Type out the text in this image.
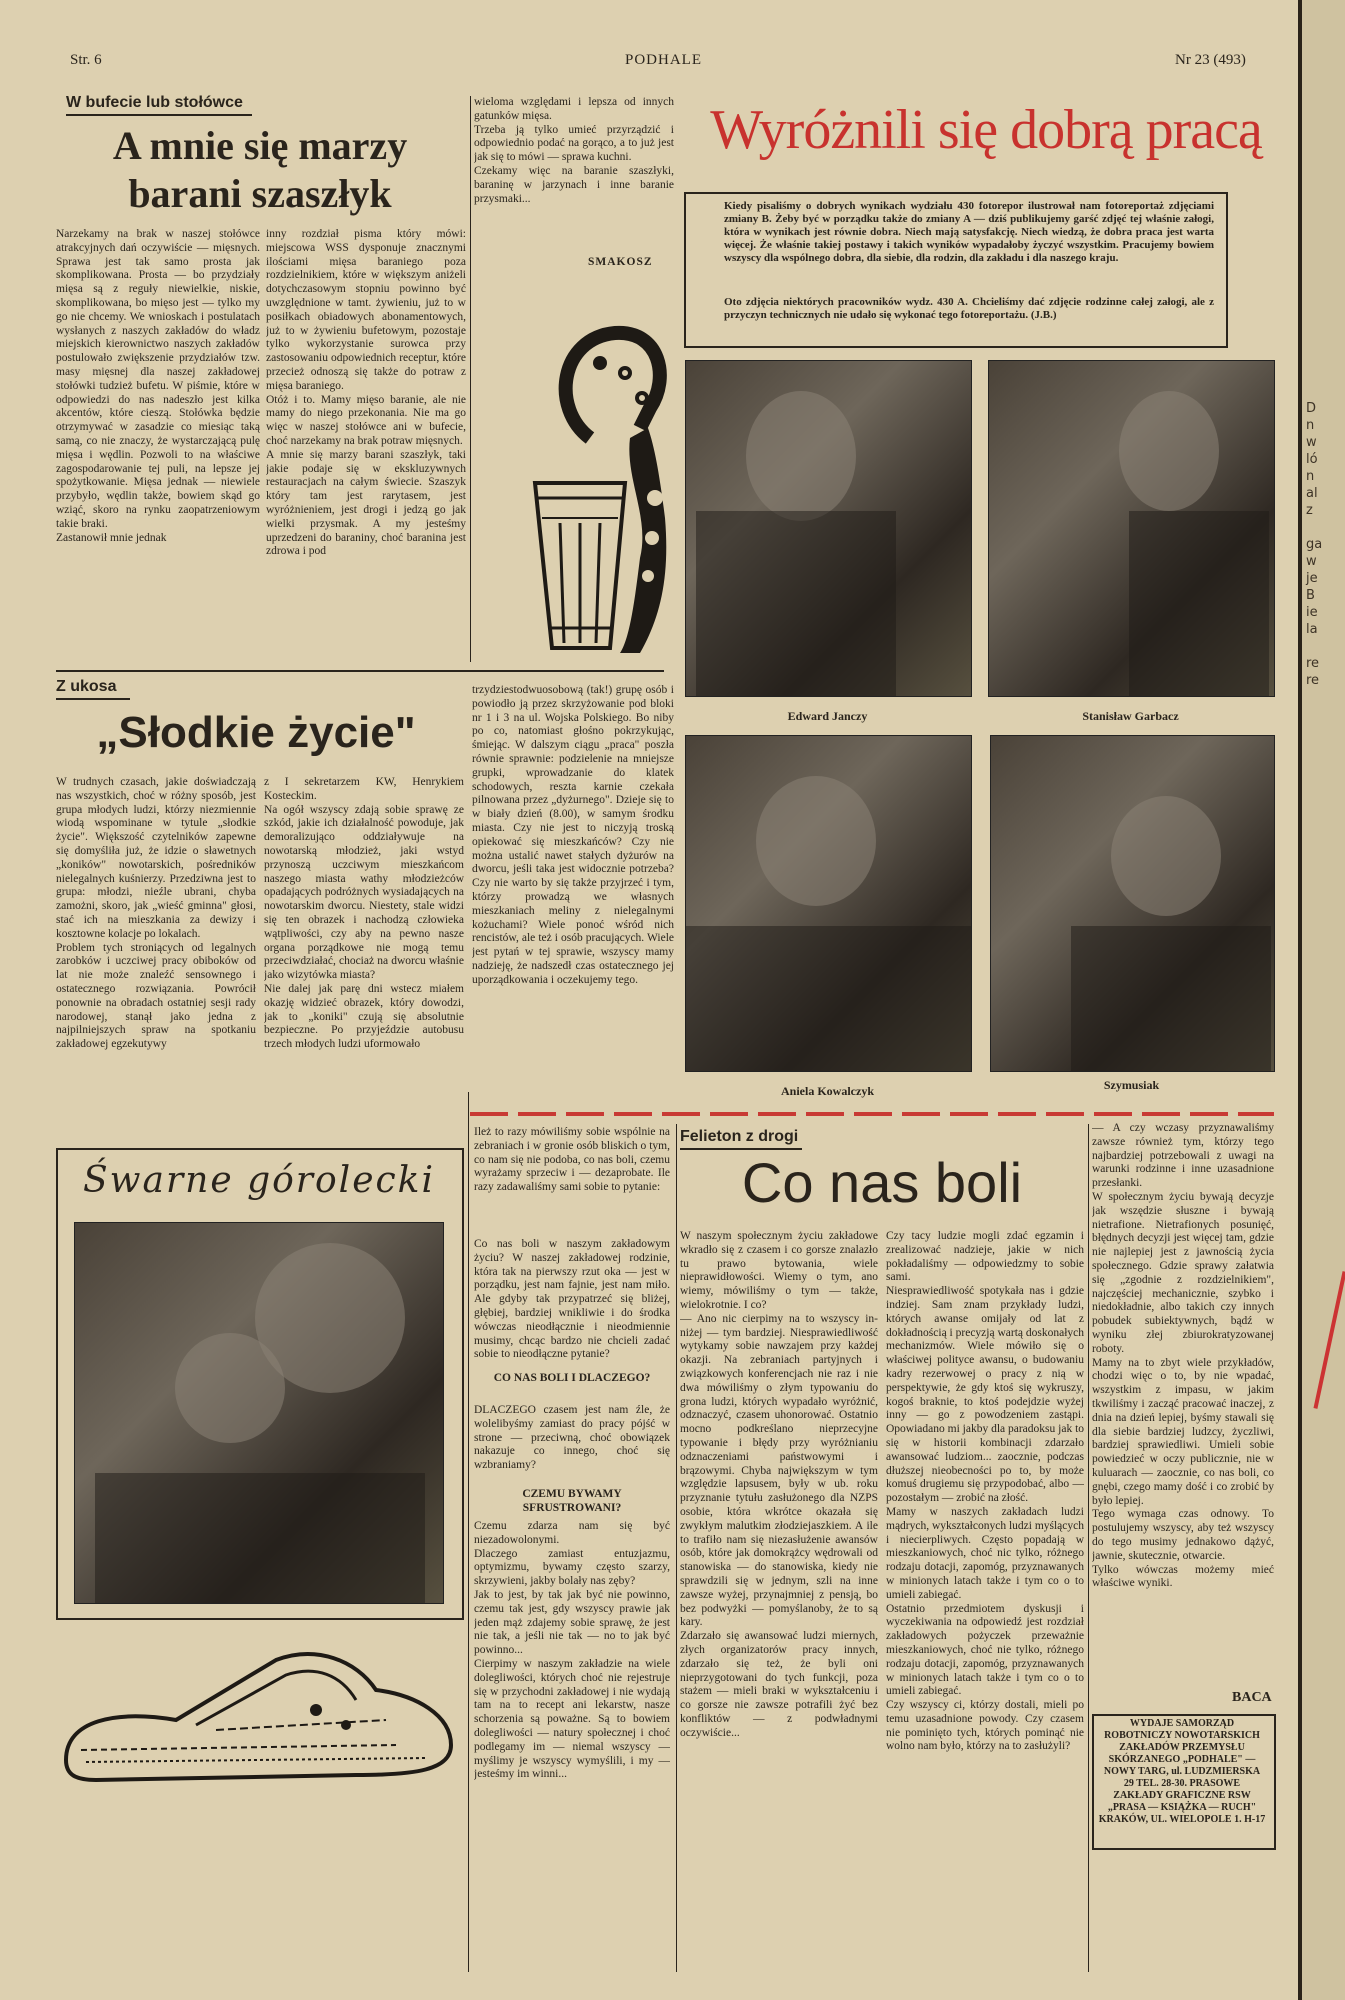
Str. 6	PODHALE	Nr 23 (493)
W bufecie lub stołówce
A mnie się marzy
barani szaszłyk
Narzekamy na brak w naszej stołówce atrakcyjnych dań oczywiście — mięsnych. Sprawa jest tak samo prosta jak skomplikowana. Prosta — bo przydziały mięsa są z reguły niewielkie, niskie, skomplikowana, bo mięso jest — tylko my go nie chcemy. We wnioskach i postulatach wysłanych z naszych zakładów do władz miejskich kierownictwo naszych zakładów postulowało zwiększenie przydziałów tzw. masy mięsnej dla naszej zakładowej stołówki tudzież bufetu. W piśmie, które w odpowiedzi do nas nadeszło jest kilka akcentów, które cieszą. Stołówka będzie otrzymywać w zasadzie co miesiąc taką samą, co nie znaczy, że wystarczającą pulę mięsa i wędlin. Pozwoli to na właściwe zagospodarowanie tej puli, na lepsze jej spożytkowanie. Mięsa jednak — niewiele przybyło, wędlin także, bowiem skąd go wziąć, skoro na rynku zaopatrzeniowym takie braki.
Zastanowił mnie jednak
inny rozdział pisma który mówi: miejscowa WSS dysponuje znacznymi ilościami mięsa baraniego poza rozdzielnikiem, które w większym aniżeli dotychczasowym stopniu powinno być uwzględnione w tamt. żywieniu, już to w posiłkach obiadowych abonamentowych, już to w żywieniu bufetowym, pozostaje tylko wykorzystanie surowca przy zastosowaniu odpowiednich receptur, które przecież odnoszą się także do potraw z mięsa baraniego.
Otóż i to. Mamy mięso baranie, ale nie mamy do niego przekonania. Nie ma go więc w naszej stołówce ani w bufecie, choć narzekamy na brak potraw mięsnych.
A mnie się marzy barani szaszłyk, taki jakie podaje się w ekskluzywnych restauracjach na całym świecie. Szaszyk który tam jest rarytasem, jest wyróżnieniem, jest drogi i jedzą go jak wielki przysmak. A my jesteśmy uprzedzeni do baraniny, choć baranina jest zdrowa i pod
wieloma względami i lepsza od innych gatunków mięsa.
Trzeba ją tylko umieć przyrządzić i odpowiednio podać na gorąco, a to już jest jak się to mówi — sprawa kuchni.
Czekamy więc na baranie szaszłyki, baraninę w jarzynach i inne baranie przysmaki...
SMAKOSZ
Wyróżnili się dobrą pracą
Kiedy pisaliśmy o dobrych wynikach wydziału 430 fotorepor ilustrował nam fotoreportaż zdjęciami zmiany B. Żeby być w porządku także do zmiany A — dziś publikujemy garść zdjęć tej właśnie załogi, która w wynikach jest równie dobra. Niech mają satysfakcję. Niech wiedzą, że dobra praca jest warta więcej. Że właśnie takiej postawy i takich wyników wypadałoby życzyć wszystkim. Pracujemy bowiem wszyscy dla wspólnego dobra, dla siebie, dla rodzin, dla zakładu i dla naszego kraju.
Oto zdjęcia niektórych pracowników wydz. 430 A. Chcieliśmy dać zdjęcie rodzinne całej załogi, ale z przyczyn technicznych nie udało się wykonać tego fotoreportażu. (J.B.)
Edward Janczy	Stanisław Garbacz
Aniela Kowalczyk	Szymusiak
Z ukosa
„Słodkie życie"
W trudnych czasach, jakie doświadczają nas wszystkich, choć w różny sposób, jest grupa młodych ludzi, którzy niezmiennie wiodą wspominane w tytule „słodkie życie". Większość czytelników zapewne się domyśliła już, że idzie o sławetnych „koników" nowotarskich, pośredników nielegalnych kuśnierzy. Przedziwna jest to grupa: młodzi, nieźle ubrani, chyba zamożni, skoro, jak „wieść gminna" głosi, stać ich na mieszkania za dewizy i kosztowne kolacje po lokalach.
Problem tych stroniących od legalnych zarobków i uczciwej pracy obiboków od lat nie może znaleźć sensownego i ostatecznego rozwiązania. Powrócił ponownie na obradach ostatniej sesji rady narodowej, stanął jako jedna z najpilniejszych spraw na spotkaniu zakładowej egzekutywy
z I sekretarzem KW, Henrykiem Kosteckim.
Na ogół wszyscy zdają sobie sprawę ze szkód, jakie ich działalność powoduje, jak demoralizująco oddziaływuje na nowotarską młodzież, jaki wstyd przynoszą uczciwym mieszkańcom naszego miasta wathy młodzieżców opadających podróżnych wysiadających na nowotarskim dworcu. Niestety, stale widzi się ten obrazek i nachodzą człowieka wątpliwości, czy aby na pewno nasze organa porządkowe nie mogą temu przeciwdziałać, chociaż na dworcu właśnie jako wizytówka miasta?
Nie dalej jak parę dni wstecz miałem okazję widzieć obrazek, który dowodzi, jak to „koniki" czują się absolutnie bezpieczne. Po przyjeździe autobusu trzech młodych ludzi uformowało
trzydziestodwuosobową (tak!) grupę osób i powiodło ją przez skrzyżowanie pod bloki nr 1 i 3 na ul. Wojska Polskiego. Bo niby po co, natomiast głośno pokrzykując, śmiejąc. W dalszym ciągu „praca" poszła równie sprawnie: podzielenie na mniejsze grupki, wprowadzanie do klatek schodowych, reszta karnie czekała pilnowana przez „dyżurnego". Dzieje się to w biały dzień (8.00), w samym środku miasta. Czy nie jest to niczyją troską opiekować się mieszkańców? Czy nie można ustalić nawet stałych dyżurów na dworcu, jeśli taka jest widocznie potrzeba? Czy nie warto by się także przyjrzeć i tym, którzy prowadzą we własnych mieszkaniach meliny z nielegalnymi kożuchami? Wiele ponoć wśród nich rencistów, ale też i osób pracujących. Wiele jest pytań w tej sprawie, wszyscy mamy nadzieję, że nadszedł czas ostatecznego jej uporządkowania i oczekujemy tego.
Śwarne górolecki
Ileż to razy mówiliśmy sobie wspólnie na zebraniach i w gronie osób bliskich o tym, co nam się nie podoba, co nas boli, czemu wyrażamy sprzeciw i — dezaprobate. Ile razy zadawaliśmy sami sobie to pytanie:
Co nas boli w naszym zakładowym życiu? W naszej zakładowej rodzinie, która tak na pierwszy rzut oka — jest w porządku, jest nam fajnie, jest nam miło. Ale gdyby tak przypatrzeć się bliżej, głębiej, bardziej wnikliwie i do środka wówczas nieodłącznie i nieodmiennie musimy, chcąc bardzo nie chcieli zadać sobie to nieodłączne pytanie?
CO NAS BOLI I DLACZEGO?
DLACZEGO czasem jest nam źle, że wolelibyśmy zamiast do pracy pójść w strone — przeciwną, choć obowiązek nakazuje co innego, choć się wzbraniamy?
CZEMU BYWAMY SFRUSTROWANI?
Czemu zdarza nam się być niezadowolonymi.
Dlaczego zamiast entuzjazmu, optymizmu, bywamy często szarzy, skrzywieni, jakby bolały nas zęby?
Jak to jest, by tak jak być nie powinno, czemu tak jest, gdy wszyscy prawie jak jeden mąż zdajemy sobie sprawę, że jest nie tak, a jeśli nie tak — no to jak być powinno...
Cierpimy w naszym zakładzie na wiele dolegliwości, których choć nie rejestruje się w przychodni zakładowej i nie wydają tam na to recept ani lekarstw, nasze schorzenia są poważne. Są to bowiem dolegliwości — natury społecznej i choć podlegamy im — niemal wszyscy — myślimy je wszyscy wymyślili, i my — jesteśmy im winni...
Felieton z drogi
Co nas boli
W naszym społecznym życiu zakładowe wkradło się z czasem i co gorsze znalazło tu prawo bytowania, wiele nieprawidłowości. Wiemy o tym, ano wiemy, mówiliśmy o tym — także, wielokrotnie. I co?
— Ano nic cierpimy na to wszyscy in-niżej — tym bardziej. Niesprawiedliwość wytykamy sobie nawzajem przy każdej okazji. Na zebraniach partyjnych i związkowych konferencjach nie raz i nie dwa mówiliśmy o złym typowaniu do grona ludzi, których wypadało wyróżnić, odznaczyć, czasem uhonorować. Ostatnio mocno podkreślano nieprzecyjne typowanie i błędy przy wyróżnianiu odznaczeniami państwowymi i brązowymi. Chyba największym w tym względzie lapsusem, były w ub. roku przyznanie tytułu zasłużonego dla NZPS osobie, która wkrótce okazała się zwykłym malutkim złodziejaszkiem. A ile to trafiło nam się niezasłużenie awansów osób, które jak domokrążcy wędrowali od stanowiska — do stanowiska, kiedy nie sprawdzili się w jednym, szli na inne zawsze wyżej, przynajmniej z pensją, bo bez podwyżki — pomyślanoby, że to są kary.
Zdarzało się awansować ludzi miernych, złych organizatorów pracy innych, zdarzało się też, że byli oni nieprzygotowani do tych funkcji, poza stażem — mieli braki w wykształceniu i co gorsze nie zawsze potrafili żyć bez konfliktów — z podwładnymi oczywiście...
Czy tacy ludzie mogli zdać egzamin i zrealizować nadzieje, jakie w nich pokładaliśmy — odpowiedzmy to sobie sami.
Niesprawiedliwość spotykała nas i gdzie indziej. Sam znam przykłady ludzi, których awanse omijały od lat z dokładnością i precyzją wartą doskonałych mechanizmów. Wiele mówiło się o właściwej polityce awansu, o budowaniu kadry rezerwowej o pracy z nią w perspektywie, że gdy ktoś się wykruszy, kogoś braknie, to ktoś podejdzie wyżej inny — go z powodzeniem zastąpi. Opowiadano mi jakby dla paradoksu jak to się w historii kombinacji zdarzało awansować ludziom... zaocznie, podczas dłuższej nieobecności po to, by może komuś drugiemu się przypodobać, albo — pozostałym — zrobić na złość.
Mamy w naszych zakładach ludzi mądrych, wykształconych ludzi myślących i niecierpliwych. Często popadają w mieszkaniowych, choć nic tylko, różnego rodzaju dotacji, zapomóg, przyznawanych w minionych latach także i tym co o to umieli zabiegać.
Ostatnio przedmiotem dyskusji i wyczekiwania na odpowiedź jest rozdział zakładowych pożyczek przeważnie mieszkaniowych, choć nie tylko, różnego rodzaju dotacji, zapomóg, przyznawanych w minionych latach także i tym co o to umieli zabiegać.
Czy wszyscy ci, którzy dostali, mieli po temu uzasadnione powody. Czy czasem nie pominięto tych, których pominąć nie wolno nam było, którzy na to zasłużyli?
— A czy wczasy przyznawaliśmy zawsze również tym, którzy tego najbardziej potrzebowali z uwagi na warunki rodzinne i inne uzasadnione przesłanki.
W społecznym życiu bywają decyzje jak wszędzie słuszne i bywają nietrafione. Nietrafionych posunięć, błędnych decyzji jest więcej tam, gdzie nie najlepiej jest z jawnością życia społecznego. Gdzie sprawy załatwia się „zgodnie z rozdzielnikiem", najczęściej mechanicznie, szybko i niedokładnie, albo takich czy innych pobudek subiektywnych, bądź w wyniku złej zbiurokratyzowanej roboty.
Mamy na to zbyt wiele przykładów, chodzi więc o to, by nie wpadać, wszystkim z impasu, w jakim tkwiliśmy i zacząć pracować inaczej, z dnia na dzień lepiej, byśmy stawali się dla siebie bardziej ludzcy, życzliwi, bardziej sprawiedliwi. Umieli sobie powiedzieć w oczy publicznie, nie w kuluarach — zaocznie, co nas boli, co gnębi, czego mamy dość i co zrobić by było lepiej.
Tego wymaga czas odnowy. To postulujemy wszyscy, aby też wszyscy do tego musimy jednakowo dążyć, jawnie, skutecznie, otwarcie.
Tylko wówczas możemy mieć właściwe wyniki.
BACA
WYDAJE SAMORZĄD ROBOTNICZY NOWOTARSKICH ZAKŁADÓW PRZEMYSŁU SKÓRZANEGO „PODHALE" — NOWY TARG, ul. LUDZMIERSKA 29 TEL. 28-30. PRASOWE ZAKŁADY GRAFICZNE RSW „PRASA — KSIĄŻKA — RUCH" KRAKÓW, UL. WIELOPOLE 1. H-17
D
n
w
ló
n
al
z

ga
w
je
B
ie
la

re
re
